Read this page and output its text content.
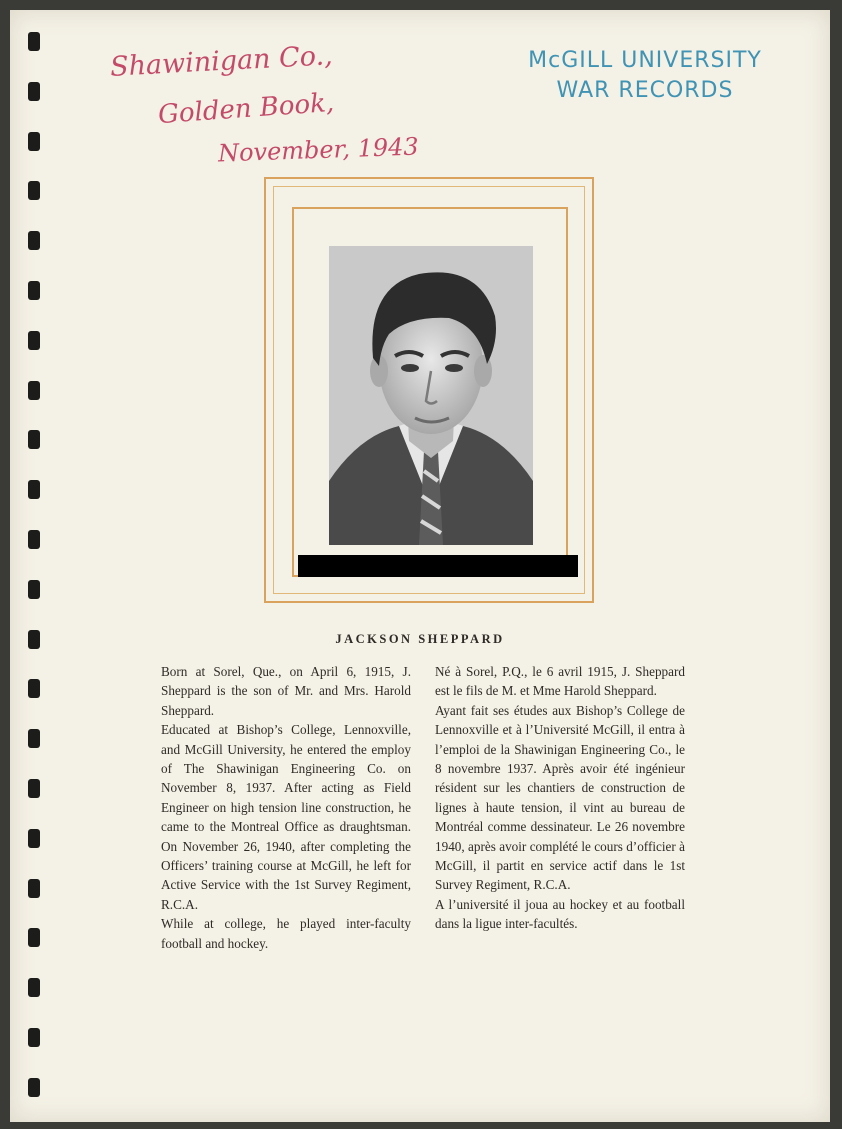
Shawinigan Co.,
Golden Book,
November, 1943
McGILL UNIVERSITY
WAR RECORDS
JACKSON SHEPPARD

Born at Sorel, Que., on April 6, 1915, J. Sheppard is the son of Mr. and Mrs. Harold Sheppard.

Educated at Bishop’s College, Lennoxville, and McGill University, he entered the employ of The Shawinigan Engineering Co. on November 8, 1937. After acting as Field Engineer on high tension line construction, he came to the Montreal Office as draughtsman. On November 26, 1940, after completing the Officers’ training course at McGill, he left for Active Service with the 1st Survey Regiment, R.C.A.

While at college, he played inter-faculty football and hockey.

Né à Sorel, P.Q., le 6 avril 1915, J. Sheppard est le fils de M. et Mme Harold Sheppard.

Ayant fait ses études aux Bishop’s College de Lennoxville et à l’Université McGill, il entra à l’emploi de la Shawinigan Engineering Co., le 8 novembre 1937. Après avoir été ingénieur résident sur les chantiers de construction de lignes à haute tension, il vint au bureau de Montréal comme dessinateur. Le 26 novembre 1940, après avoir complété le cours d’officier à McGill, il partit en service actif dans le 1st Survey Regiment, R.C.A.

A l’université il joua au hockey et au football dans la ligue inter-facultés.
